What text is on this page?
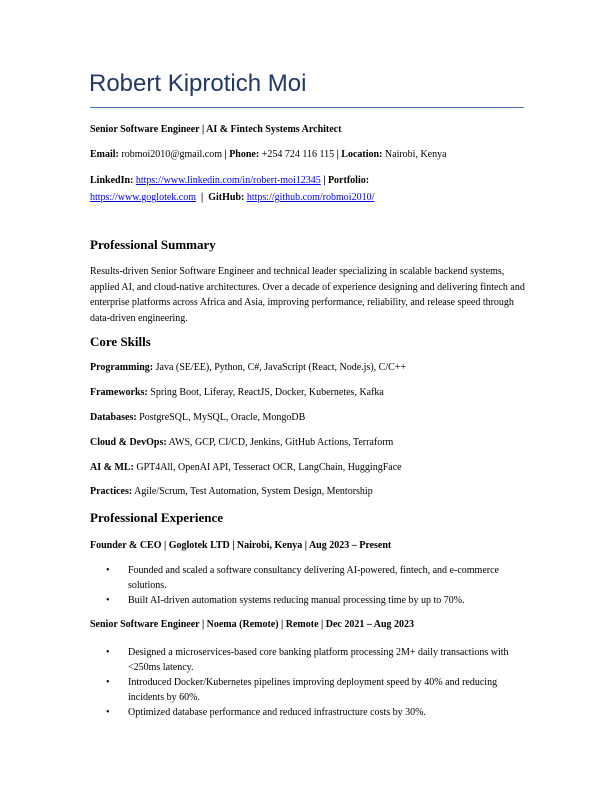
Robert Kiprotich Moi
Senior Software Engineer | AI & Fintech Systems Architect
Email: robmoi2010@gmail.com | Phone: +254 724 116 115 | Location: Nairobi, Kenya
LinkedIn: https://www.linkedin.com/in/robert-moi12345 | Portfolio:
https://www.goglotek.com | GitHub: https://github.com/robmoi2010/
Professional Summary
Results-driven Senior Software Engineer and technical leader specializing in scalable backend systems, applied AI, and cloud-native architectures. Over a decade of experience designing and delivering fintech and enterprise platforms across Africa and Asia, improving performance, reliability, and release speed through data-driven engineering.
Core Skills
Programming: Java (SE/EE), Python, C#, JavaScript (React, Node.js), C/C++
Frameworks: Spring Boot, Liferay, ReactJS, Docker, Kubernetes, Kafka
Databases: PostgreSQL, MySQL, Oracle, MongoDB
Cloud & DevOps: AWS, GCP, CI/CD, Jenkins, GitHub Actions, Terraform
AI & ML: GPT4All, OpenAI API, Tesseract OCR, LangChain, HuggingFace
Practices: Agile/Scrum, Test Automation, System Design, Mentorship
Professional Experience
Founder & CEO | Goglotek LTD | Nairobi, Kenya | Aug 2023 – Present
• Founded and scaled a software consultancy delivering AI-powered, fintech, and e-commerce solutions.
• Built AI-driven automation systems reducing manual processing time by up to 70%.
Senior Software Engineer | Noema (Remote) | Remote | Dec 2021 – Aug 2023
• Designed a microservices-based core banking platform processing 2M+ daily transactions with <250ms latency.
• Introduced Docker/Kubernetes pipelines improving deployment speed by 40% and reducing incidents by 60%.
• Optimized database performance and reduced infrastructure costs by 30%.
